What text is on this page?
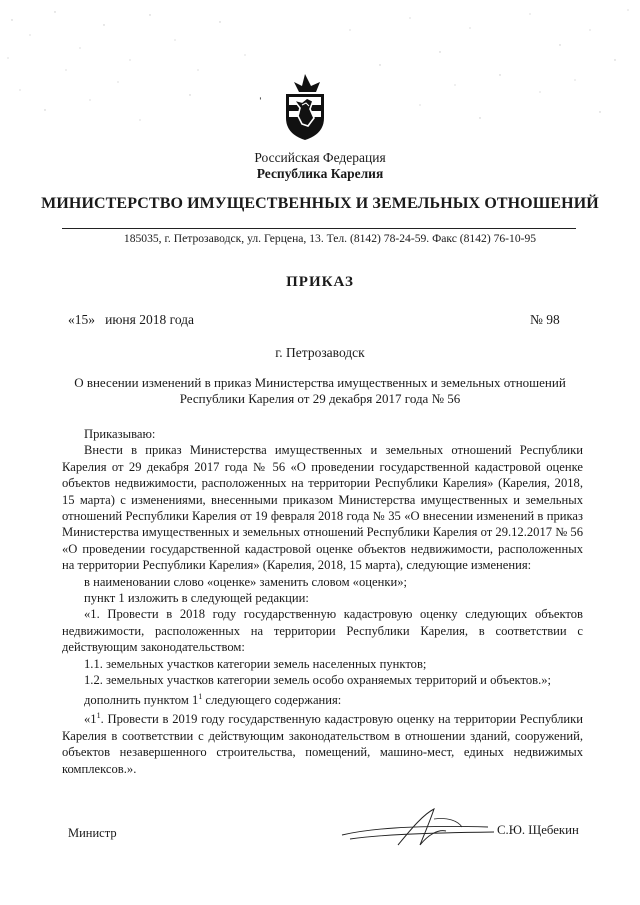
ˈ
Российская Федерация
Республика Карелия
МИНИСТЕРСТВО ИМУЩЕСТВЕННЫХ И ЗЕМЕЛЬНЫХ ОТНОШЕНИЙ
185035, г. Петрозаводск, ул. Герцена, 13. Тел. (8142) 78-24-59. Факс (8142) 76-10-95
ПРИКАЗ
«15»   июня 2018 года	№ 98
г. Петрозаводск
О внесении изменений в приказ Министерства имущественных и земельных отношений
Республики Карелия от 29 декабря 2017 года № 56

Приказываю:

Внести в приказ Министерства имущественных и земельных отношений Республики Карелия от 29 декабря 2017 года № 56 «О проведении государственной кадастровой оценке объектов недвижимости, расположенных на территории Республики Карелия» (Карелия, 2018, 15 марта) с изменениями, внесенными приказом Министерства имущественных и земельных отношений Республики Карелия от 19 февраля 2018 года № 35 «О внесении изменений в приказ Министерства имущественных и земельных отношений Республики Карелия от 29.12.2017 № 56 «О проведении государственной кадастровой оценке объектов недвижимости, расположенных на территории Республики Карелия» (Карелия, 2018, 15 марта), следующие изменения:

в наименовании слово «оценке» заменить словом «оценки»;

пункт 1 изложить в следующей редакции:

«1. Провести в 2018 году государственную кадастровую оценку следующих объектов недвижимости, расположенных на территории Республики Карелия, в соответствии с действующим законодательством:

1.1. земельных участков категории земель населенных пунктов;

1.2. земельных участков категории земель особо охраняемых территорий и объектов.»;

дополнить пунктом $1^1$ следующего содержания:

«$1^1$. Провести в 2019 году государственную кадастровую оценку на территории Республики Карелия в соответствии с действующим законодательством в отношении зданий, сооружений, объектов незавершенного строительства, помещений, машино-мест, единых недвижимых комплексов.».

Министр	С.Ю. Щебекин
